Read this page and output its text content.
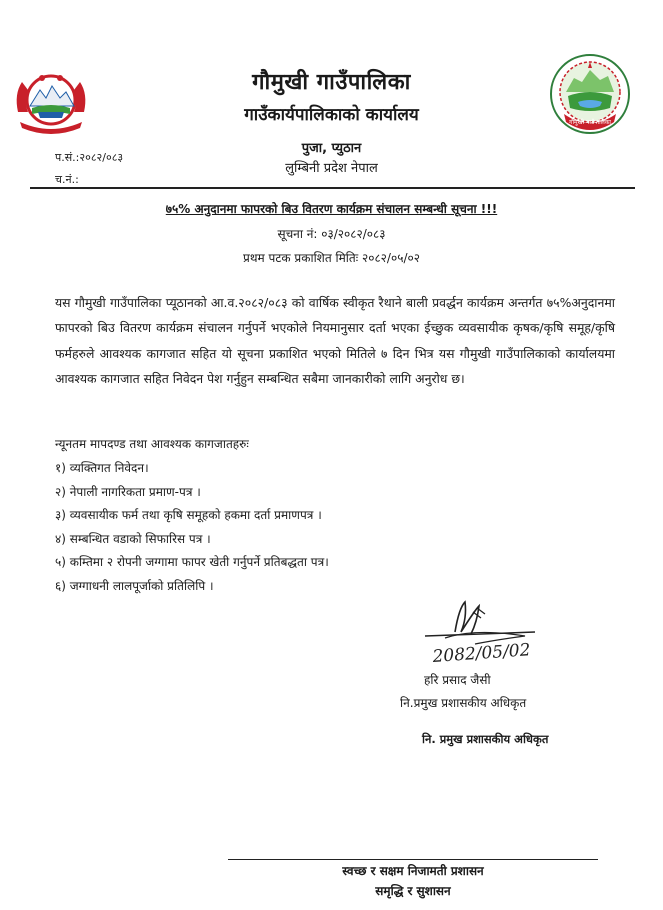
गौमुखी गाउँपालिका
गौमुखी गाउँपालिका
गाउँकार्यपालिकाको कार्यालय
पुजा, प्युठान
लुम्बिनी प्रदेश नेपाल
प.सं.:२०८२/०८३
च.नं.:
७५% अनुदानमा फापरको बिउ वितरण कार्यक्रम संचालन सम्बन्धी सूचना !!!
सूचना नं: ०३/२०८२/०८३
प्रथम पटक प्रकाशित मितिः २०८२/०५/०२

यस गौमुखी गाउँपालिका प्यूठानको आ.व.२०८२/०८३ को वार्षिक स्वीकृत रैथाने बाली प्रवर्द्धन कार्यक्रम अन्तर्गत ७५%अनुदानमा फापरको बिउ वितरण कार्यक्रम संचालन गर्नुपर्ने भएकोले नियमानुसार दर्ता भएका ईच्छुक व्यवसायीक कृषक/कृषि समूह/कृषि फर्महरुले आवश्यक कागजात सहित यो सूचना प्रकाशित भएको मितिले ७ दिन भित्र यस गौमुखी गाउँपालिकाको कार्यालयमा आवश्यक कागजात सहित निवेदन पेश गर्नुहुन सम्बन्धित सबैमा जानकारीको लागि अनुरोध छ।

न्यूनतम मापदण्ड तथा आवश्यक कागजातहरुः
१) व्यक्तिगत निवेदन।
२) नेपाली नागरिकता प्रमाण-पत्र ।
३) व्यवसायीक फर्म तथा कृषि समूहको हकमा दर्ता प्रमाणपत्र ।
४) सम्बन्धित वडाको सिफारिस पत्र ।
५) कम्तिमा २ रोपनी जग्गामा फापर खेती गर्नुपर्ने प्रतिबद्धता पत्र।
६) जग्गाधनी लालपूर्जाको प्रतिलिपि ।
2082/05/02
हरि प्रसाद जैसी
नि.प्रमुख प्रशासकीय अधिकृत
नि. प्रमुख प्रशासकीय अधिकृत
स्वच्छ र सक्षम निजामती प्रशासन
समृद्धि र सुशासन
